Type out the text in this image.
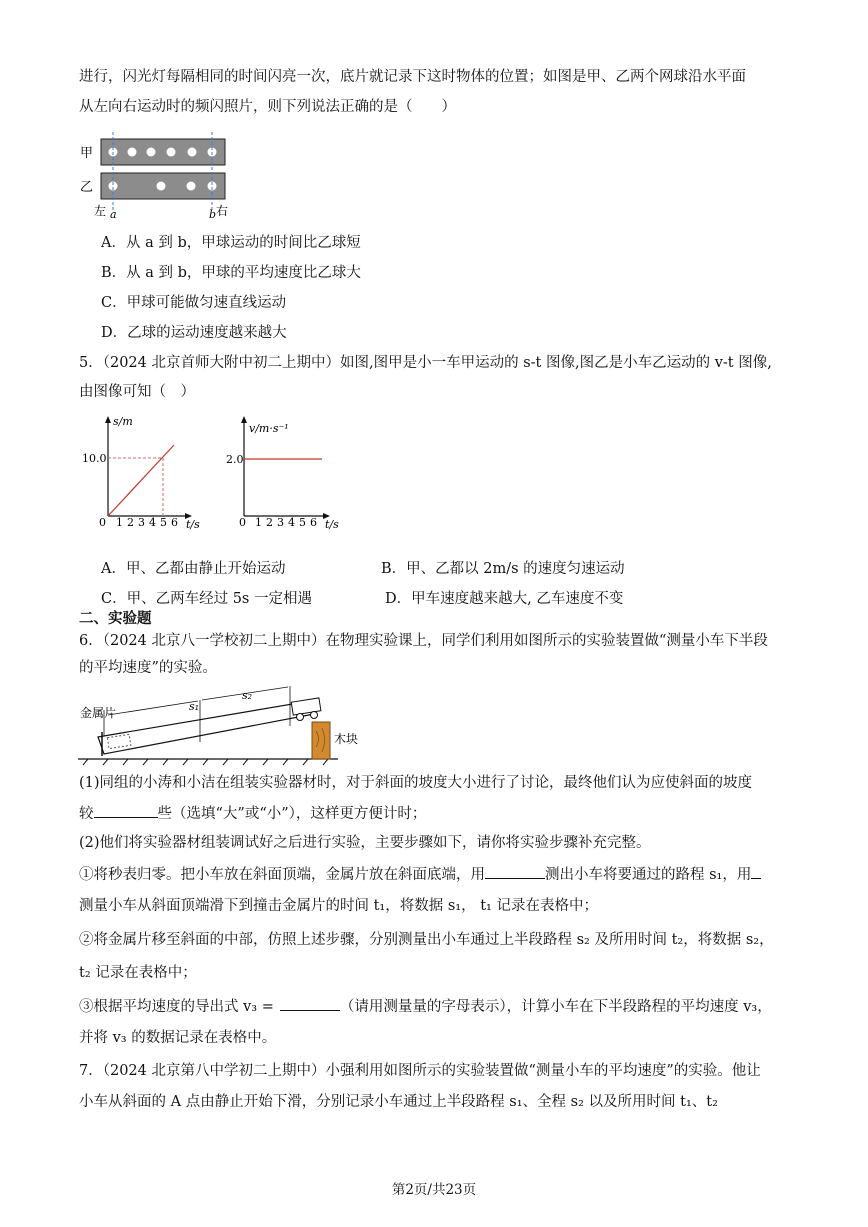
进行，闪光灯每隔相同的时间闪亮一次，底片就记录下这时物体的位置；如图是甲、乙两个网球沿水平面
从左向右运动时的频闪照片，则下列说法正确的是（　　）
甲
乙
左 a	b 右
A．从 a 到 b，甲球运动的时间比乙球短
B．从 a 到 b，甲球的平均速度比乙球大
C．甲球可能做匀速直线运动
D．乙球的运动速度越来越大
5．（2024 北京首师大附中初二上期中）如图,图甲是小一车甲运动的 s-t 图像,图乙是小车乙运动的 v-t 图像,
由图像可知（　）
s/m
10.0
0 1 2 3 4 5 6 t/s
v/m·s⁻¹
2.0
0 1 2 3 4 5 6 t/s
A．甲、乙都由静止开始运动	B．甲、乙都以 2m/s 的速度匀速运动
C．甲、乙两车经过 5s 一定相遇	D．甲车速度越来越大, 乙车速度不变
二、实验题
6．（2024 北京八一学校初二上期中）在物理实验课上，同学们利用如图所示的实验装置做“测量小车下半段
的平均速度”的实验。
金属片	s₁
s₂
木块
(1)同组的小涛和小洁在组装实验器材时，对于斜面的坡度大小进行了讨论，最终他们认为应使斜面的坡度
较	些（选填“大”或“小”），这样更方便计时；
(2)他们将实验器材组装调试好之后进行实验，主要步骤如下，请你将实验步骤补充完整。
①将秒表归零。把小车放在斜面顶端，金属片放在斜面底端，用	测出小车将要通过的路程 s₁，用
测量小车从斜面顶端滑下到撞击金属片的时间 t₁，将数据 s₁， t₁ 记录在表格中；
②将金属片移至斜面的中部，仿照上述步骤，分别测量出小车通过上半段路程 s₂ 及所用时间 t₂，将数据 s₂，
t₂ 记录在表格中；
③根据平均速度的导出式 v₃ =	（请用测量量的字母表示），计算小车在下半段路程的平均速度 v₃，
并将 v₃ 的数据记录在表格中。
7．（2024 北京第八中学初二上期中）小强利用如图所示的实验装置做“测量小车的平均速度”的实验。他让
小车从斜面的 A 点由静止开始下滑，分别记录小车通过上半段路程 s₁、全程 s₂ 以及所用时间 t₁、t₂
第2页/共23页
